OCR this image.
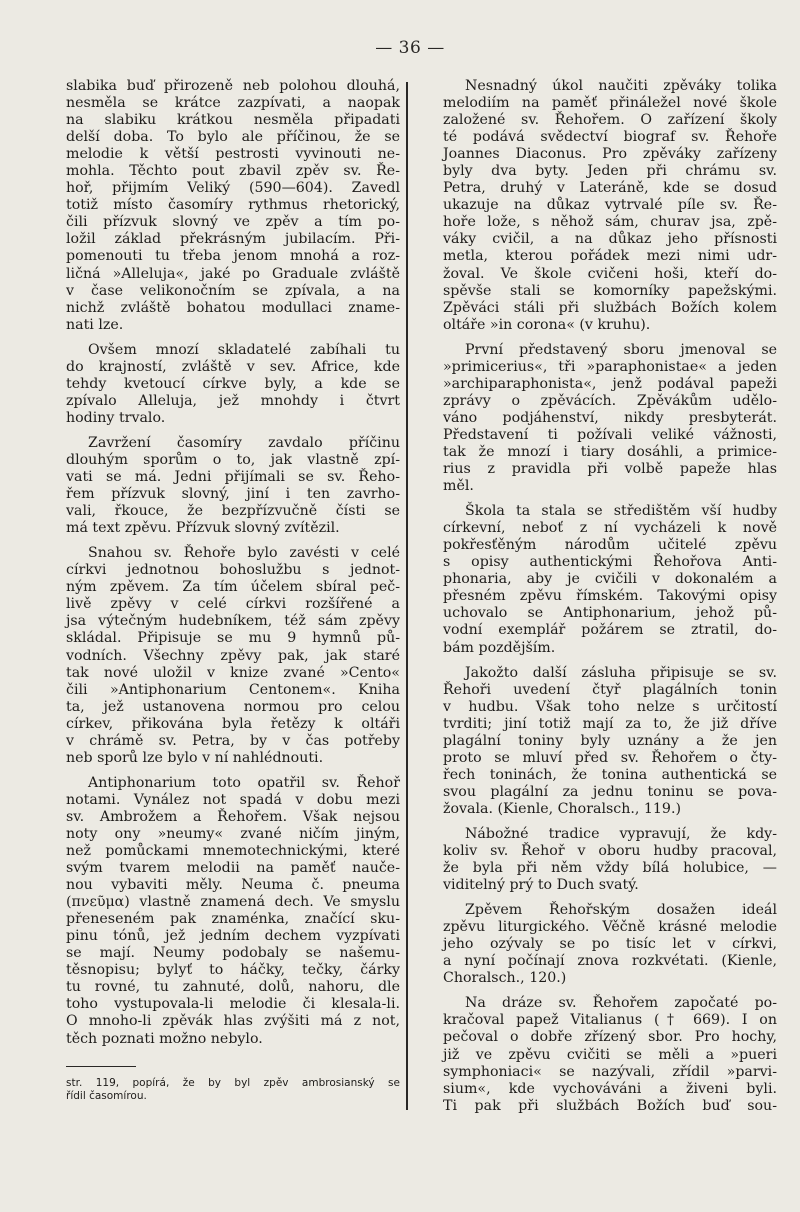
— 36 —
slabika buď přirozeně neb polohou dlouhá,
nesměla se krátce zazpívati, a naopak
na slabiku krátkou nesměla připadati
delší doba. To bylo ale příčinou, že se
melodie k větší pestrosti vyvinouti ne-
mohla. Těchto pout zbavil zpěv sv. Ře-
hoř, přijmím Veliký (590—604). Zavedl
totiž místo časomíry rythmus rhetorický,
čili přízvuk slovný ve zpěv a tím po-
ložil základ překrásným jubilacím. Při-
pomenouti tu třeba jenom mnohá a roz-
ličná »Alleluja«, jaké po Graduale zvláště
v čase velikonočním se zpívala, a na
nichž zvláště bohatou modullaci zname-
nati lze.
Ovšem mnozí skladatelé zabíhali tu
do krajností, zvláště v sev. Africe, kde
tehdy kvetoucí církve byly, a kde se
zpívalo Alleluja, jež mnohdy i čtvrt
hodiny trvalo.
Zavržení časomíry zavdalo příčinu
dlouhým sporům o to, jak vlastně zpí-
vati se má. Jedni přijímali se sv. Řeho-
řem přízvuk slovný, jiní i ten zavrho-
vali, řkouce, že bezpřízvučně čísti se
má text zpěvu. Přízvuk slovný zvítězil.
Snahou sv. Řehoře bylo zavésti v celé
církvi jednotnou bohoslužbu s jednot-
ným zpěvem. Za tím účelem sbíral peč-
livě zpěvy v celé církvi rozšířené a
jsa výtečným hudebníkem, též sám zpěvy
skládal. Připisuje se mu 9 hymnů pů-
vodních. Všechny zpěvy pak, jak staré
tak nové uložil v knize zvané »Cento«
čili »Antiphonarium Centonem«. Kniha
ta, jež ustanovena normou pro celou
církev, přikována byla řetězy k oltáři
v chrámě sv. Petra, by v čas potřeby
neb sporů lze bylo v ní nahlédnouti.
Antiphonarium toto opatřil sv. Řehoř
notami. Vynález not spadá v dobu mezi
sv. Ambrožem a Řehořem. Však nejsou
noty ony »neumy« zvané ničím jiným,
než pomůckami mnemotechnickými, které
svým tvarem melodii na paměť nauče-
nou vybaviti měly. Neuma č. pneuma
(πνεῦμα) vlastně znamená dech. Ve smyslu
přeneseném pak znaménka, značící sku-
pinu tónů, jež jedním dechem vyzpívati
se mají. Neumy podobaly se našemu-
těsnopisu; bylyť to háčky, tečky, čárky
tu rovné, tu zahnuté, dolů, nahoru, dle
toho vystupovala-li melodie či klesala-li.
O mnoho-li zpěvák hlas zvýšiti má z not,
těch poznati možno nebylo.
str. 119, popírá, že by byl zpěv ambrosianský se
řídil časomírou.
Nesnadný úkol naučiti zpěváky tolika
melodiím na paměť přináležel nové škole
založené sv. Řehořem. O zařízení školy
té podává svědectví biograf sv. Řehoře
Joannes Diaconus. Pro zpěváky zařízeny
byly dva byty. Jeden při chrámu sv.
Petra, druhý v Lateráně, kde se dosud
ukazuje na důkaz vytrvalé píle sv. Ře-
hoře lože, s něhož sám, churav jsa, zpě-
váky cvičil, a na důkaz jeho přísnosti
metla, kterou pořádek mezi nimi udr-
žoval. Ve škole cvičeni hoši, kteří do-
spěvše stali se komorníky papežskými.
Zpěváci stáli při službách Božích kolem
oltáře »in corona« (v kruhu).
První představený sboru jmenoval se
»primicerius«, tři »paraphonistae« a jeden
»archiparaphonista«, jenž podával papeži
zprávy o zpěvácích. Zpěvákům udělo-
váno podjáhenství, nikdy presbyterát.
Představení ti požívali veliké vážnosti,
tak že mnozí i tiary dosáhli, a primice-
rius z pravidla při volbě papeže hlas
měl.
Škola ta stala se středištěm vší hudby
církevní, neboť z ní vycházeli k nově
pokřesťěným národům učitelé zpěvu
s opisy authentickými Řehořova Anti-
phonaria, aby je cvičili v dokonalém a
přesném zpěvu římském. Takovými opisy
uchovalo se Antiphonarium, jehož pů-
vodní exemplář požárem se ztratil, do-
bám pozdějším.
Jakožto další zásluha připisuje se sv.
Řehoři uvedení čtyř plagálních tonin
v hudbu. Však toho nelze s určitostí
tvrditi; jiní totiž mají za to, že již dříve
plagální toniny byly uznány a že jen
proto se mluví před sv. Řehořem o čty-
řech toninách, že tonina authentická se
svou plagální za jednu toninu se pova-
žovala. (Kienle, Choralsch., 119.)
Nábožné tradice vypravují, že kdy-
koliv sv. Řehoř v oboru hudby pracoval,
že byla při něm vždy bílá holubice, —
viditelný prý to Duch svatý.
Zpěvem Řehořským dosažen ideál
zpěvu liturgického. Věčně krásné melodie
jeho ozývaly se po tisíc let v církvi,
a nyní počínají znova rozkvétati. (Kienle,
Choralsch., 120.)
Na dráze sv. Řehořem započaté po-
kračoval papež Vitalianus († 669). I on
pečoval o dobře zřízený sbor. Pro hochy,
již ve zpěvu cvičiti se měli a »pueri
symphoniaci« se nazývali, zřídil »parvi-
sium«, kde vychováváni a živeni byli.
Ti pak při službách Božích buď sou-
